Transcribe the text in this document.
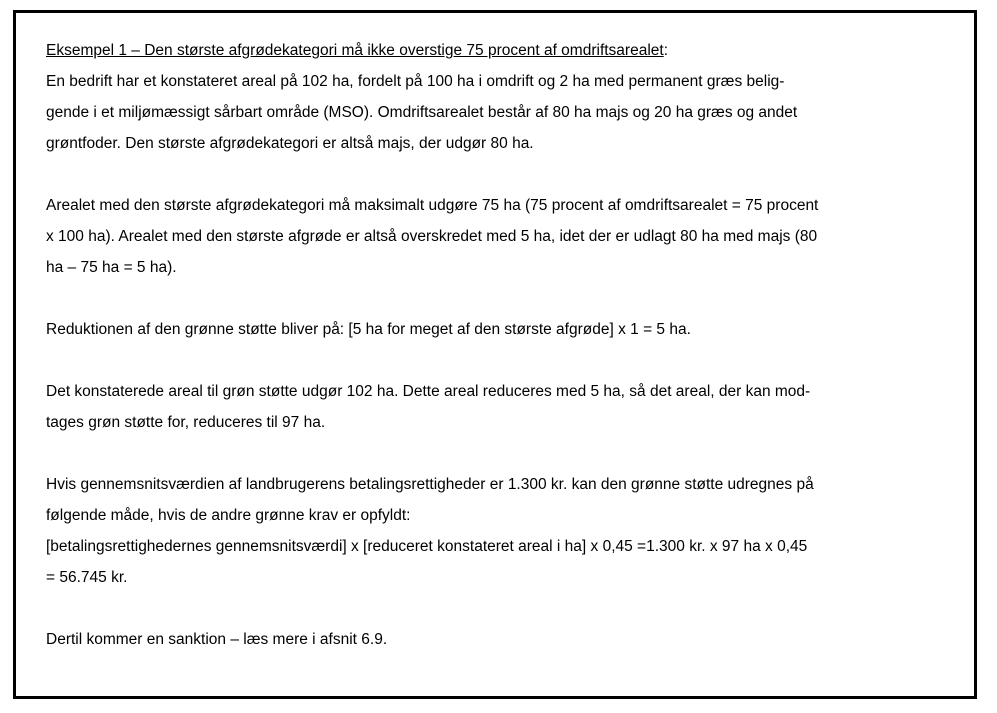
Eksempel 1 – Den største afgrødekategori må ikke overstige 75 procent af omdriftsarealet:
En bedrift har et konstateret areal på 102 ha, fordelt på 100 ha i omdrift og 2 ha med permanent græs belig-
gende i et miljømæssigt sårbart område (MSO). Omdriftsarealet består af 80 ha majs og 20 ha græs og andet
grøntfoder. Den største afgrødekategori er altså majs, der udgør 80 ha.
Arealet med den største afgrødekategori må maksimalt udgøre 75 ha (75 procent af omdriftsarealet = 75 procent
x 100 ha). Arealet med den største afgrøde er altså overskredet med 5 ha, idet der er udlagt 80 ha med majs (80
ha – 75 ha = 5 ha).
Reduktionen af den grønne støtte bliver på: [5 ha for meget af den største afgrøde] x 1 = 5 ha.
Det konstaterede areal til grøn støtte udgør 102 ha. Dette areal reduceres med 5 ha, så det areal, der kan mod-
tages grøn støtte for, reduceres til 97 ha.
Hvis gennemsnitsværdien af landbrugerens betalingsrettigheder er 1.300 kr. kan den grønne støtte udregnes på
følgende måde, hvis de andre grønne krav er opfyldt:
[betalingsrettighedernes gennemsnitsværdi] x [reduceret konstateret areal i ha] x 0,45 =1.300 kr. x 97 ha x 0,45
= 56.745 kr.
Dertil kommer en sanktion – læs mere i afsnit 6.9.
